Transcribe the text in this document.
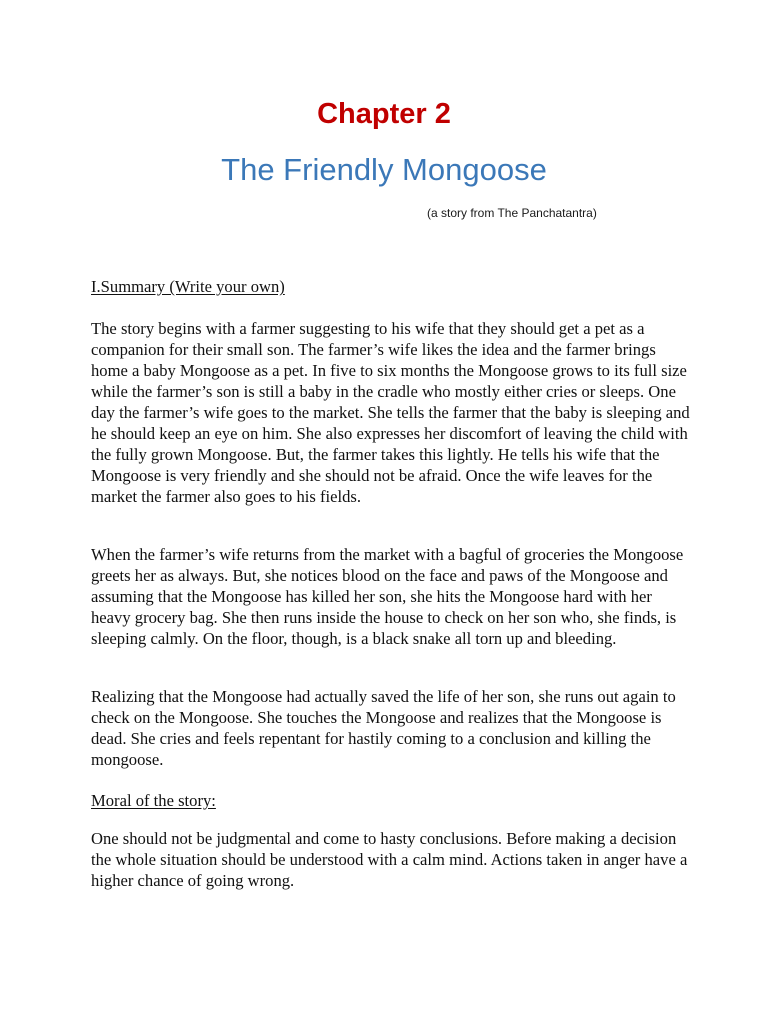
Chapter 2
The Friendly Mongoose
(a story from The Panchatantra)
I.Summary (Write your own)

The story begins with a farmer suggesting to his wife that they should get a pet as a companion for their small son. The farmer’s wife likes the idea and the farmer brings home a baby Mongoose as a pet. In five to six months the Mongoose grows to its full size while the farmer’s son is still a baby in the cradle who mostly either cries or sleeps. One day the farmer’s wife goes to the market. She tells the farmer that the baby is sleeping and he should keep an eye on him. She also expresses her discomfort of leaving the child with the fully grown Mongoose. But, the farmer takes this lightly. He tells his wife that the Mongoose is very friendly and she should not be afraid. Once the wife leaves for the market the farmer also goes to his fields.

When the farmer’s wife returns from the market with a bagful of groceries the Mongoose greets her as always. But, she notices blood on the face and paws of the Mongoose and assuming that the Mongoose has killed her son, she hits the Mongoose hard with her heavy grocery bag. She then runs inside the house to check on her son who, she finds, is sleeping calmly. On the floor, though, is a black snake all torn up and bleeding.

Realizing that the Mongoose had actually saved the life of her son, she runs out again to check on the Mongoose. She touches the Mongoose and realizes that the Mongoose is dead. She cries and feels repentant for hastily coming to a conclusion and killing the mongoose.

Moral of the story:

One should not be judgmental and come to hasty conclusions. Before making a decision the whole situation should be understood with a calm mind. Actions taken in anger have a higher chance of going wrong.
